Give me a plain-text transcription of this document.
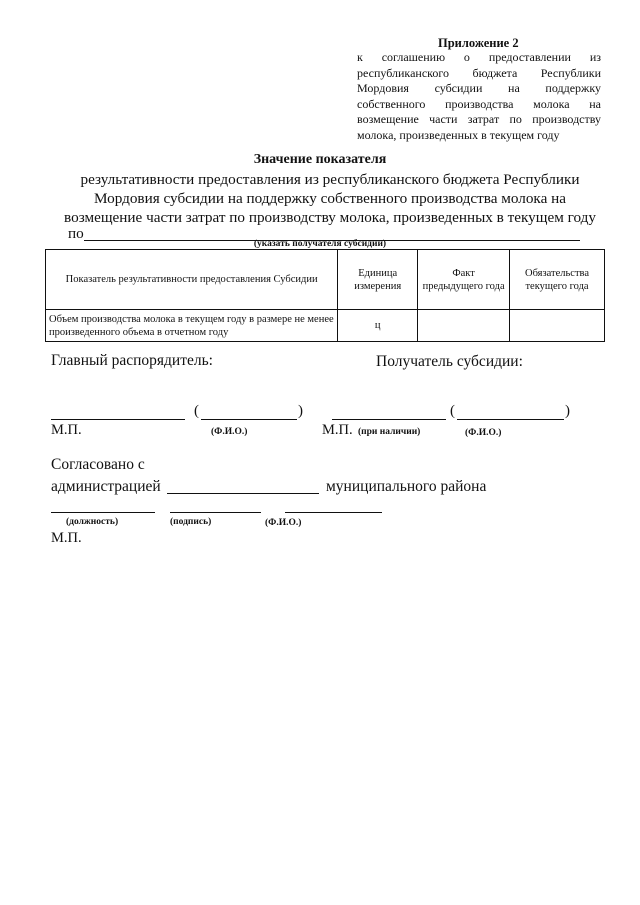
Приложение 2
к соглашению о предоставлении из
республиканского бюджета Республики
Мордовия субсидии на поддержку
собственного производства молока на
возмещение части затрат по производству
молока, произведенных в текущем году
Значение показателя
результативности предоставления из республиканского бюджета Республики
Мордовия субсидии на поддержку собственного производства молока на
возмещение части затрат по производству молока, произведенных в текущем году
по
(указать получателя субсидии)
Показатель результативности предоставления Субсидии	Единица измерения	Факт предыдущего года	Обязательства текущего года
Объем производства молока в текущем году в размере не менее произведенного объема в отчетном году	ц		
Главный распорядитель:	Получатель субсидии:
(	)	(	)
М.П.	(Ф.И.О.)	М.П. (при наличии)	(Ф.И.О.)
Согласовано с
администрацией	муниципального района
(должность)	(подпись)	(Ф.И.О.)
М.П.
